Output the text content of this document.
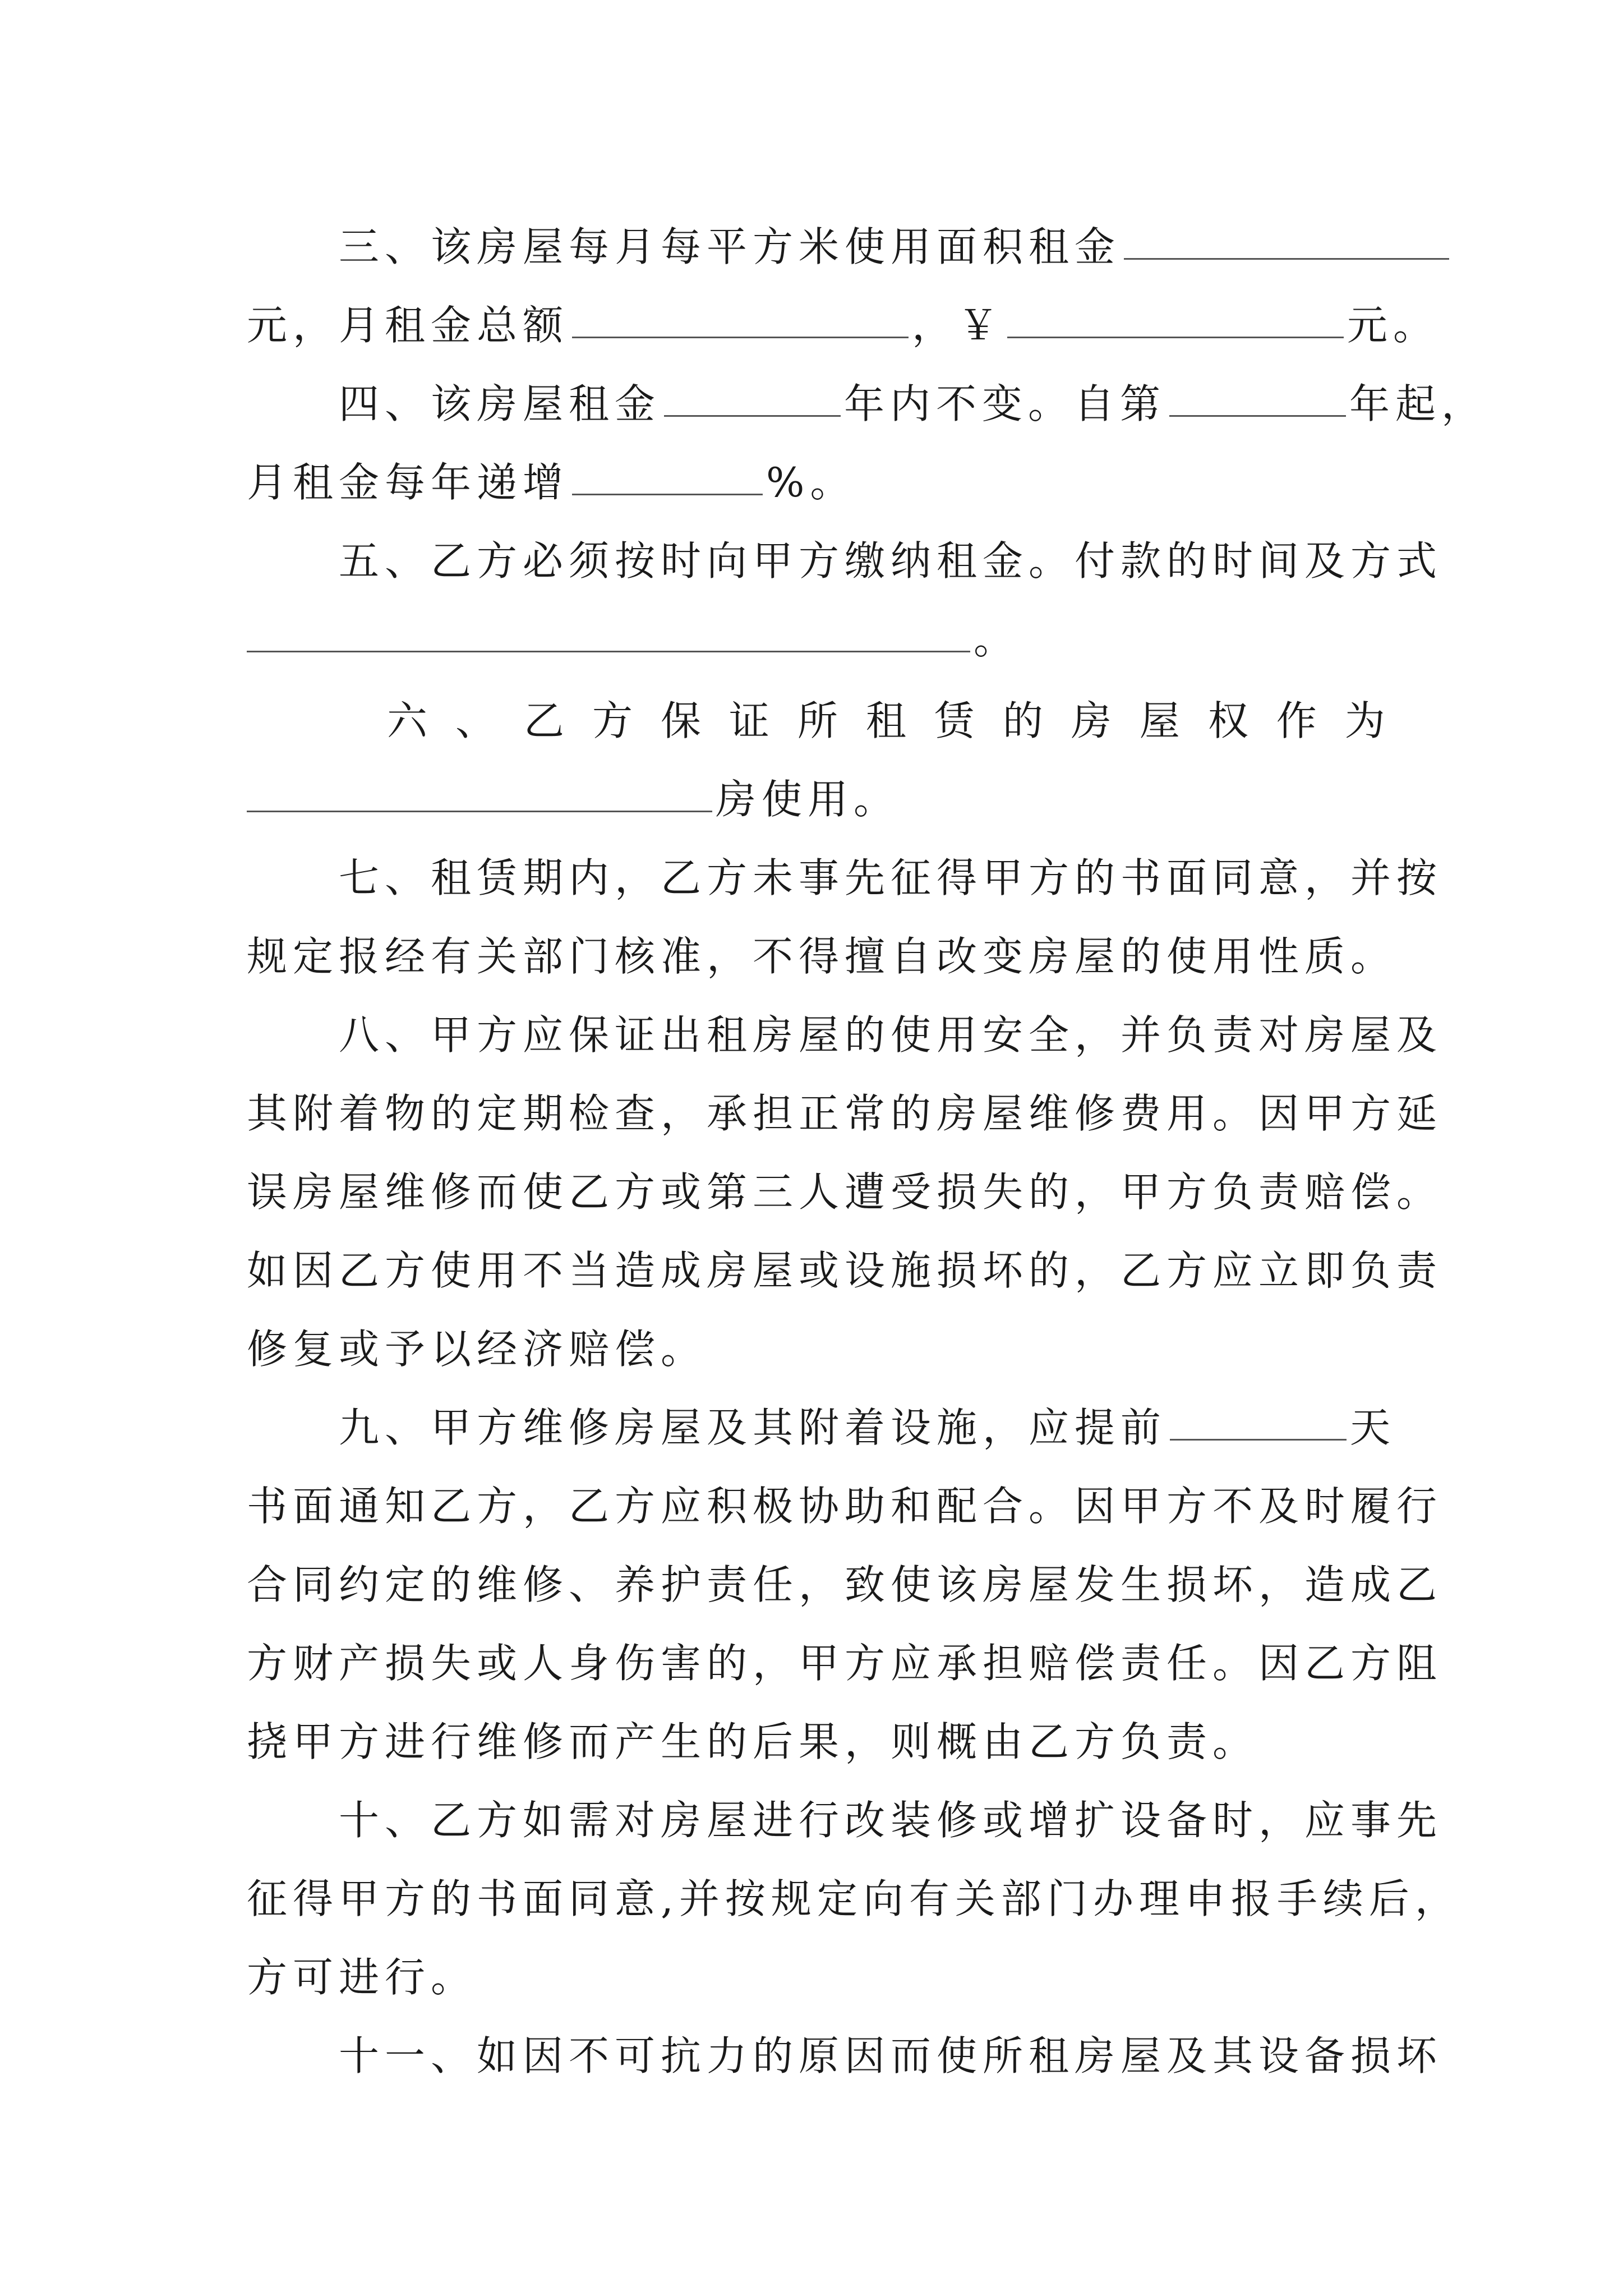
三、该房屋每月每平方米使用面积租金
元，月租金总额	，￥	元。
四、该房屋租金	年内不变。自第	年起，
月租金每年递增	%。
五、乙方必须按时向甲方缴纳租金。付款的时间及方式
。
六 、 乙 方 保 证 所 租 赁 的 房 屋 权 作 为
房使用。
七、租赁期内，乙方未事先征得甲方的书面同意，并按
规定报经有关部门核准，不得擅自改变房屋的使用性质。
八、甲方应保证出租房屋的使用安全，并负责对房屋及
其附着物的定期检查，承担正常的房屋维修费用。因甲方延
误房屋维修而使乙方或第三人遭受损失的，甲方负责赔偿。
如因乙方使用不当造成房屋或设施损坏的，乙方应立即负责
修复或予以经济赔偿。
九、甲方维修房屋及其附着设施，应提前	天
书面通知乙方，乙方应积极协助和配合。因甲方不及时履行
合同约定的维修、养护责任，致使该房屋发生损坏，造成乙
方财产损失或人身伤害的，甲方应承担赔偿责任。因乙方阻
挠甲方进行维修而产生的后果，则概由乙方负责。
十、乙方如需对房屋进行改装修或增扩设备时，应事先
征得甲方的书面同意,并按规定向有关部门办理申报手续后，
方可进行。
十一、如因不可抗力的原因而使所租房屋及其设备损坏
